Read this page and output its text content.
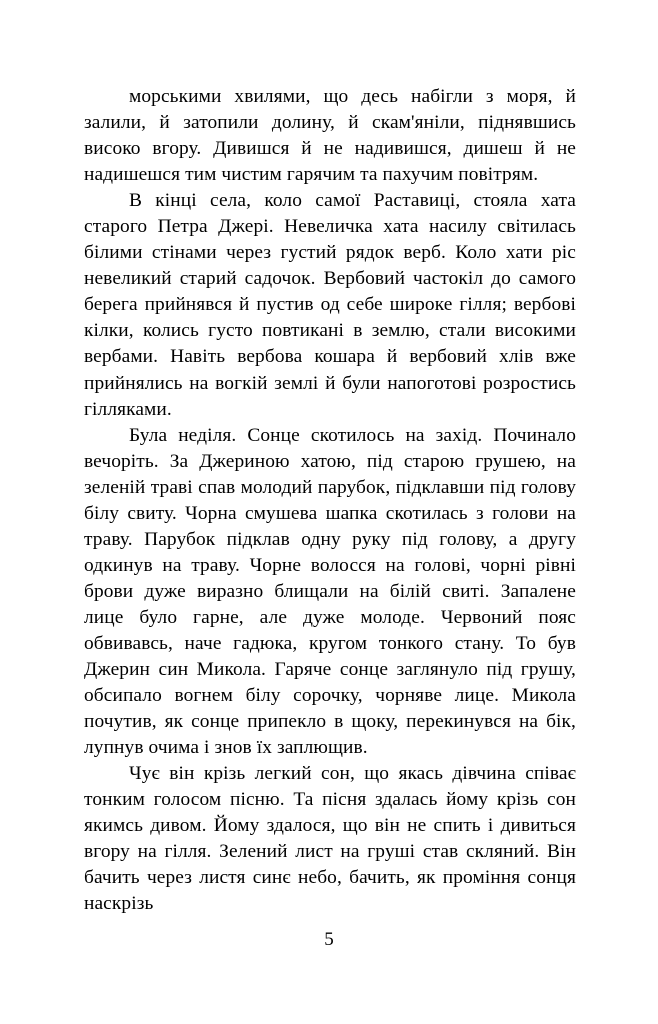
морськими хвилями, що десь набігли з моря, й залили, й затопили долину, й скам'яніли, піднявшись високо вгору. Дивишся й не надивишся, дишеш й не надишешся тим чистим гарячим та пахучим повітрям.

В кінці села, коло самої Раставиці, стояла хата старого Петра Джері. Невеличка хата насилу світилась білими стінами через густий рядок верб. Коло хати ріс невеликий старий садочок. Вербовий частокіл до самого берега прийнявся й пустив од себе широке гілля; вербові кілки, колись густо повтикані в землю, стали високими вербами. Навіть вербова кошара й вербовий хлів вже прийнялись на вогкій землі й були напоготові розростись гілляками.

Була неділя. Сонце скотилось на захід. Починало вечоріть. За Джериною хатою, під старою грушею, на зеленій траві спав молодий парубок, підклавши під голову білу свиту. Чорна смушева шапка скотилась з голови на траву. Парубок підклав одну руку під голову, а другу одкинув на траву. Чорне волосся на голові, чорні рівні брови дуже виразно блищали на білій свиті. Запалене лице було гарне, але дуже молоде. Червоний пояс обвивавсь, наче гадюка, кругом тонкого стану. То був Джерин син Микола. Гаряче сонце заглянуло під грушу, обсипало вогнем білу сорочку, чорняве лице. Микола почутив, як сонце припекло в щоку, перекинувся на бік, лупнув очима і знов їх заплющив.

Чує він крізь легкий сон, що якась дівчина співає тонким голосом пісню. Та пісня здалась йому крізь сон якимсь дивом. Йому здалося, що він не спить і дивиться вгору на гілля. Зелений лист на груші став скляний. Він бачить через листя синє небо, бачить, як проміння сонця наскрізь

5
